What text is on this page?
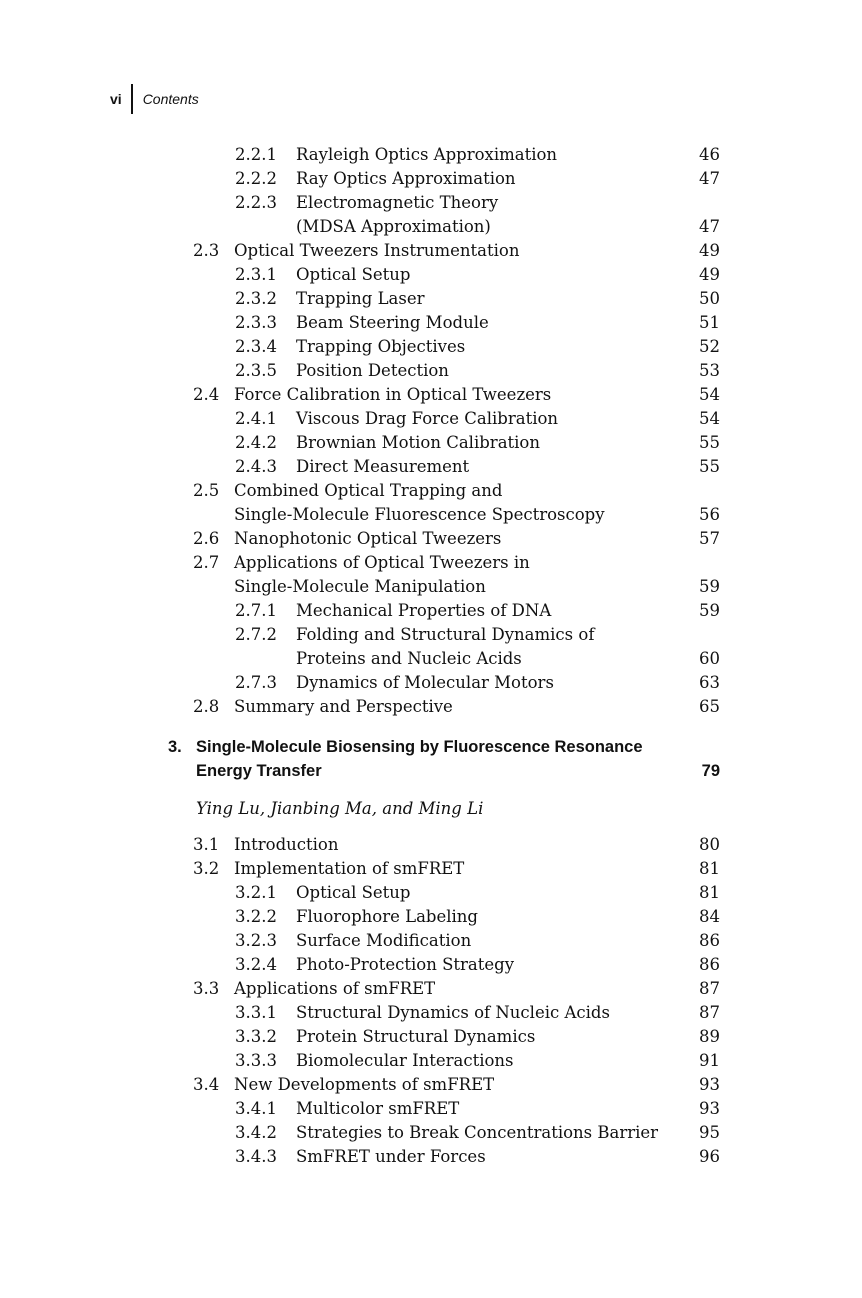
vi Contents
2.2.1 Rayleigh Optics Approximation	46
2.2.2 Ray Optics Approximation	47
2.2.3 Electromagnetic Theory
(MDSA Approximation)	47
2.3 Optical Tweezers Instrumentation	49
2.3.1 Optical Setup	49
2.3.2 Trapping Laser	50
2.3.3 Beam Steering Module	51
2.3.4 Trapping Objectives	52
2.3.5 Position Detection	53
2.4 Force Calibration in Optical Tweezers	54
2.4.1 Viscous Drag Force Calibration	54
2.4.2 Brownian Motion Calibration	55
2.4.3 Direct Measurement	55
2.5 Combined Optical Trapping and
Single-Molecule Fluorescence Spectroscopy	56
2.6 Nanophotonic Optical Tweezers	57
2.7 Applications of Optical Tweezers in
Single-Molecule Manipulation	59
2.7.1 Mechanical Properties of DNA	59
2.7.2 Folding and Structural Dynamics of
Proteins and Nucleic Acids	60
2.7.3 Dynamics of Molecular Motors	63
2.8 Summary and Perspective	65
3. Single-Molecule Biosensing by Fluorescence Resonance
Energy Transfer	79
Ying Lu, Jianbing Ma, and Ming Li
3.1 Introduction	80
3.2 Implementation of smFRET	81
3.2.1 Optical Setup	81
3.2.2 Fluorophore Labeling	84
3.2.3 Surface Modification	86
3.2.4 Photo-Protection Strategy	86
3.3 Applications of smFRET	87
3.3.1 Structural Dynamics of Nucleic Acids	87
3.3.2 Protein Structural Dynamics	89
3.3.3 Biomolecular Interactions	91
3.4 New Developments of smFRET	93
3.4.1 Multicolor smFRET	93
3.4.2 Strategies to Break Concentrations Barrier	95
3.4.3 SmFRET under Forces	96
